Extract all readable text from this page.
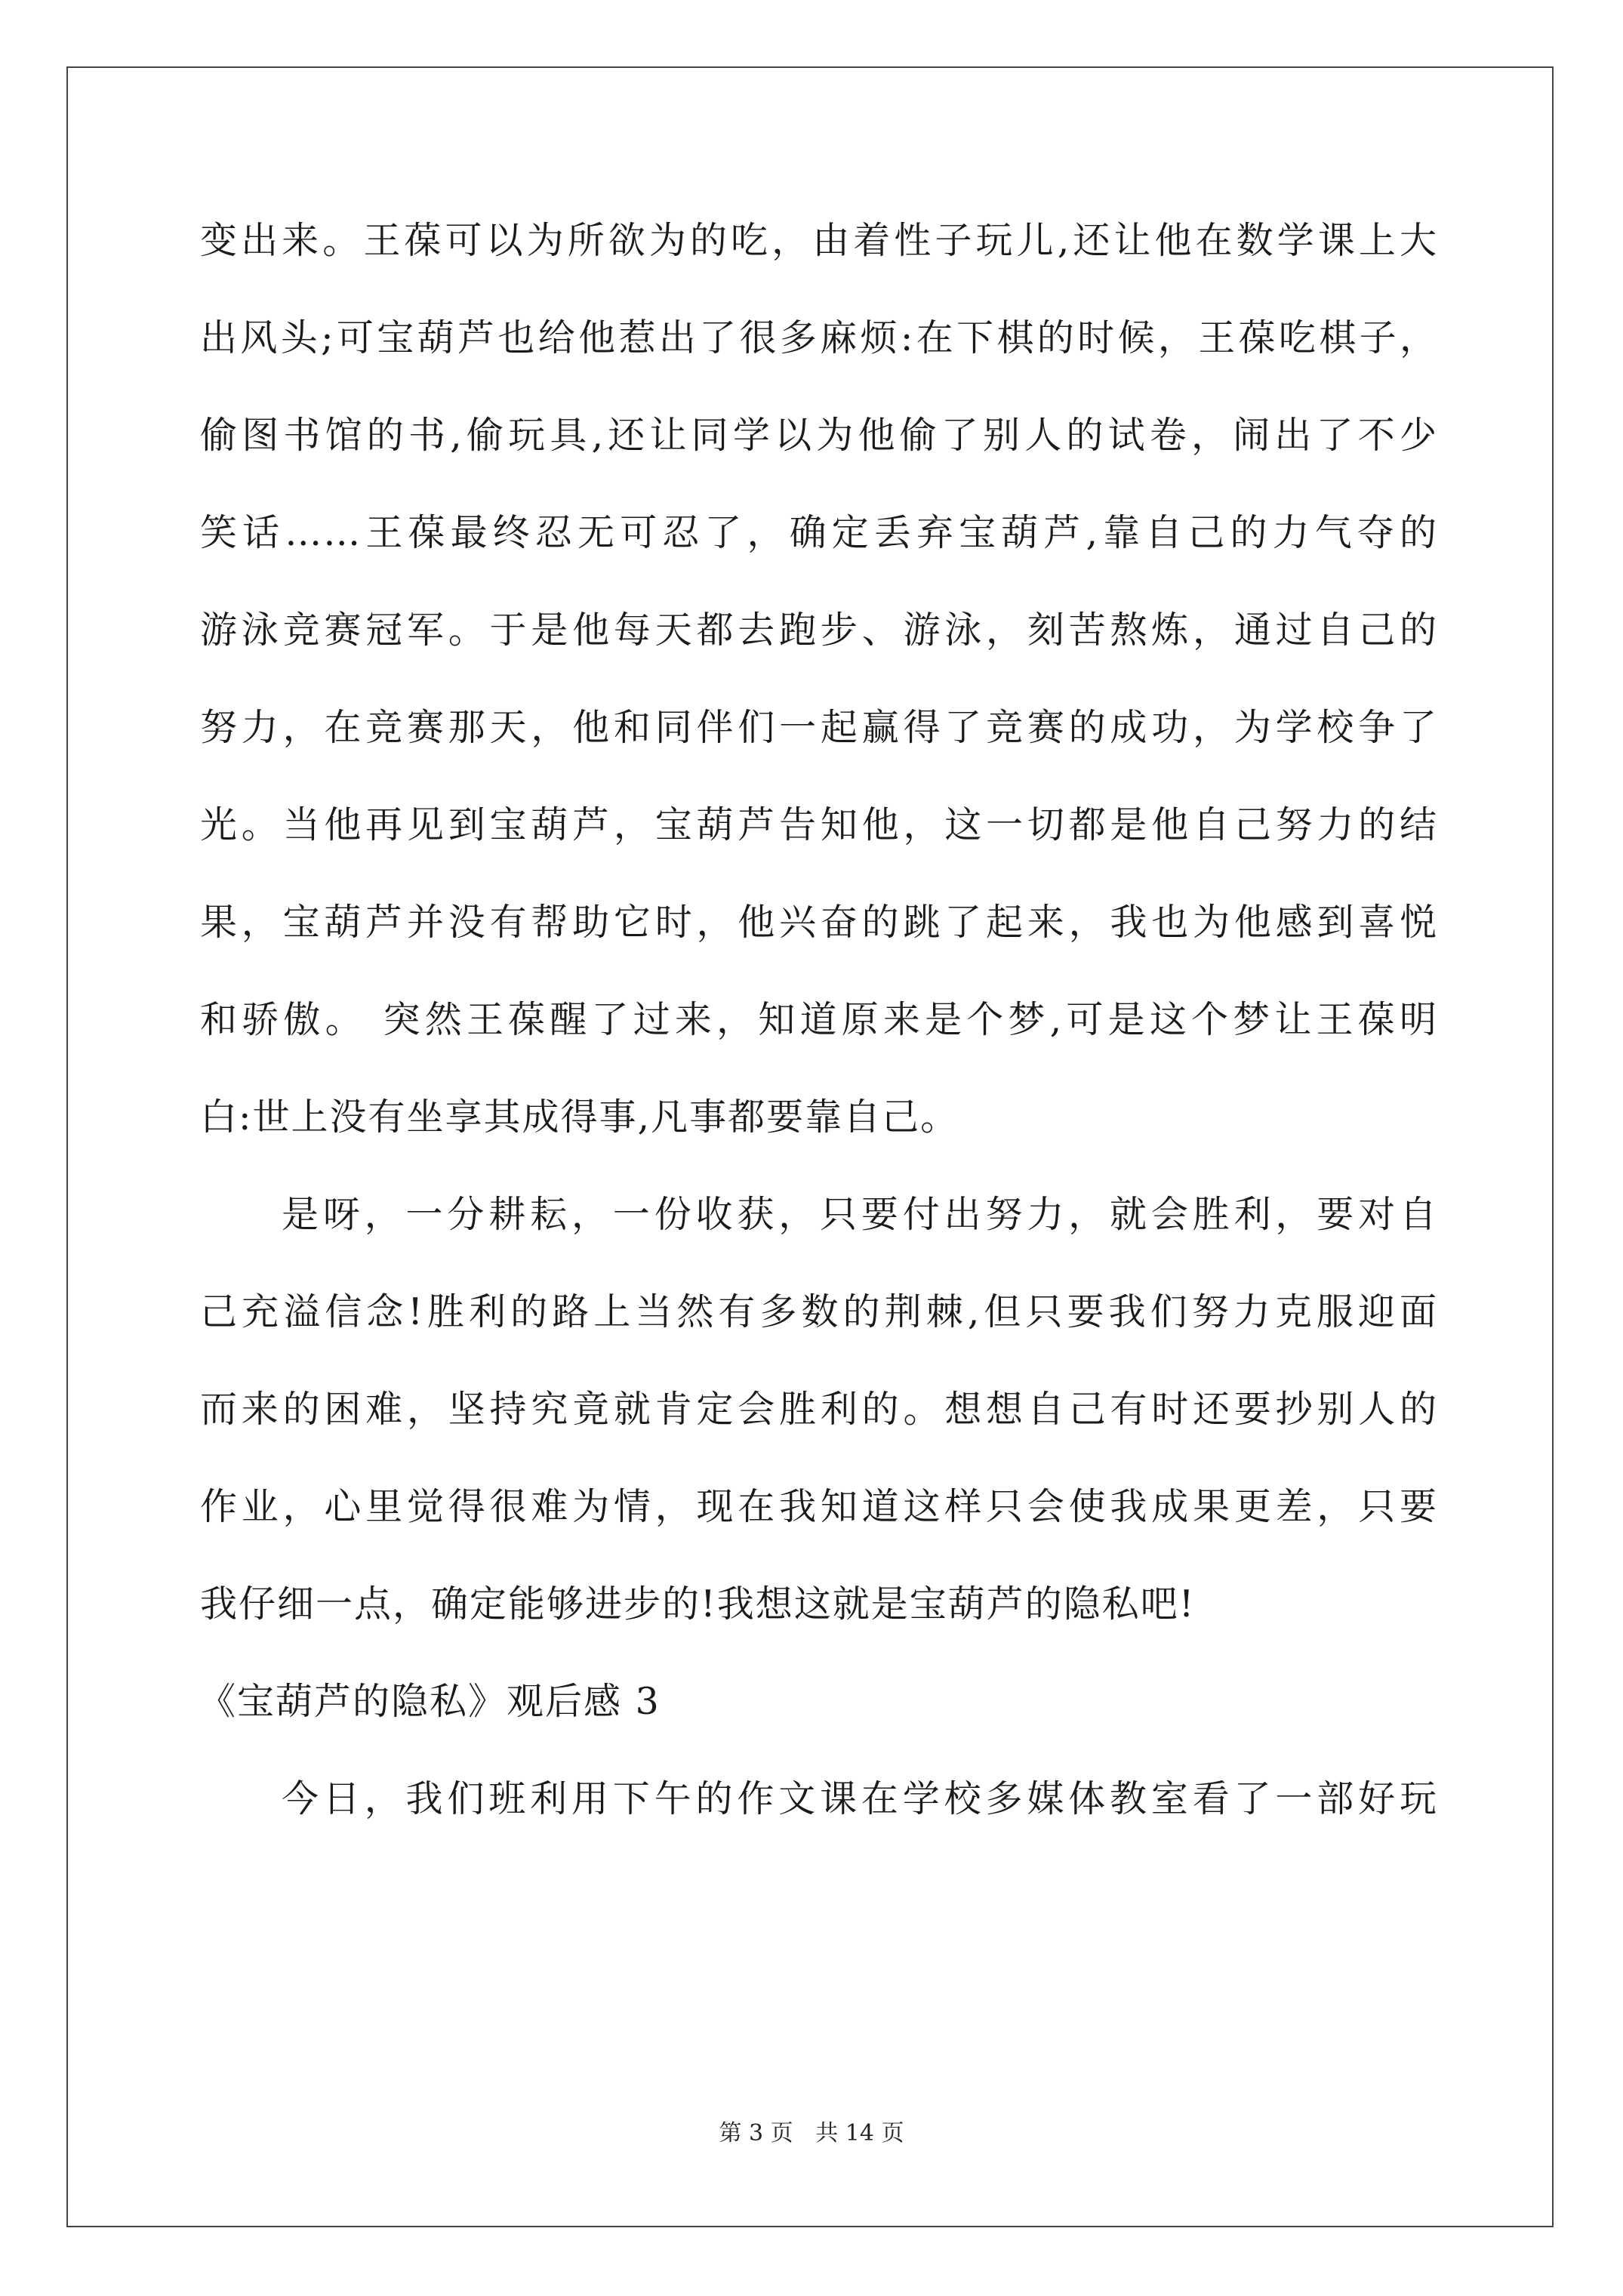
变出来。王葆可以为所欲为的吃，由着性子玩儿,还让他在数学课上大
出风头;可宝葫芦也给他惹出了很多麻烦:在下棋的时候，王葆吃棋子，
偷图书馆的书,偷玩具,还让同学以为他偷了别人的试卷，闹出了不少
笑话……王葆最终忍无可忍了，确定丢弃宝葫芦,靠自己的力气夺的
游泳竞赛冠军。于是他每天都去跑步、游泳，刻苦熬炼，通过自己的
努力，在竞赛那天，他和同伴们一起赢得了竞赛的成功，为学校争了
光。当他再见到宝葫芦，宝葫芦告知他，这一切都是他自己努力的结
果，宝葫芦并没有帮助它时，他兴奋的跳了起来，我也为他感到喜悦
和骄傲。 突然王葆醒了过来，知道原来是个梦,可是这个梦让王葆明
白:世上没有坐享其成得事,凡事都要靠自己。
是呀，一分耕耘，一份收获，只要付出努力，就会胜利，要对自
己充溢信念!胜利的路上当然有多数的荆棘,但只要我们努力克服迎面
而来的困难，坚持究竟就肯定会胜利的。想想自己有时还要抄别人的
作业，心里觉得很难为情，现在我知道这样只会使我成果更差，只要
我仔细一点，确定能够进步的!我想这就是宝葫芦的隐私吧!
《宝葫芦的隐私》观后感 3
今日，我们班利用下午的作文课在学校多媒体教室看了一部好玩
第 3 页 共 14 页
